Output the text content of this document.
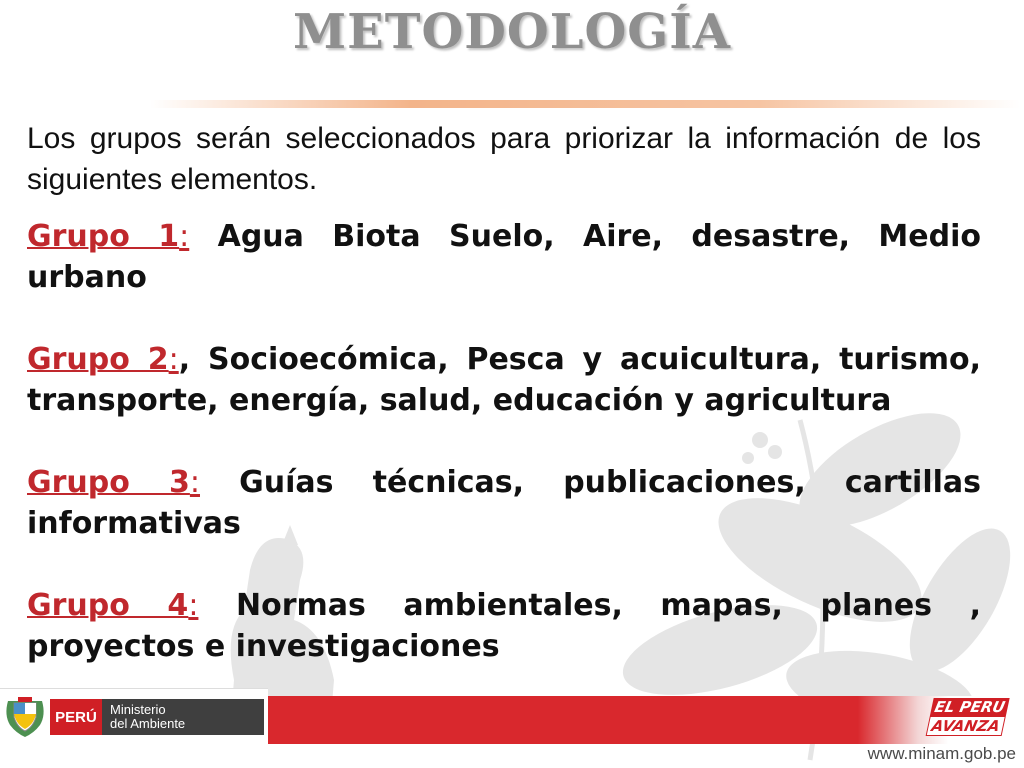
METODOLOGÍA

Los grupos serán seleccionados para priorizar la información de los siguientes elementos.

Grupo 1: Agua Biota Suelo, Aire, desastre, Medio urbano

Grupo 2:, Socioecómica, Pesca y acuicultura, turismo, transporte, energía, salud, educación y agricultura

Grupo 3: Guías técnicas, publicaciones, cartillas informativas

Grupo 4: Normas ambientales, mapas, planes , proyectos e investigaciones

PERÚ	Ministerio
del Ambiente
EL PERU
AVANZA
www.minam.gob.pe
